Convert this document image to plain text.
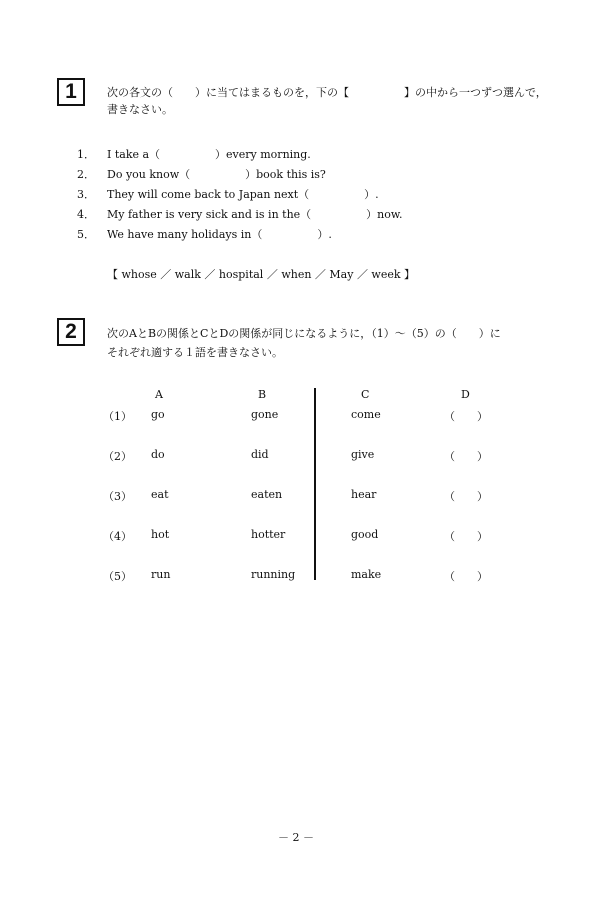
1	次の各文の（　　）に当てはまるものを，下の【　　　　　】の中から一つずつ選んで，
書きなさい。
1． I take a（　　　　　）every morning.
2． Do you know（　　　　　）book this is?
3． They will come back to Japan next（　　　　　）.
4． My father is very sick and is in the（　　　　　）now.
5． We have many holidays in（　　　　　）.
【 whose ／ walk ／ hospital ／ when ／ May ／ week 】
2	次のAとBの関係とCとDの関係が同じになるように，（1）～（5）の（　　）に
それぞれ適する１語を書きなさい。
A	B	C	D
（1） go	gone	come	（　　）
（2） do	did	give	（　　）
（3） eat	eaten	hear	（　　）
（4） hot	hotter	good	（　　）
（5） run	running	make	（　　）
－ 2 －
